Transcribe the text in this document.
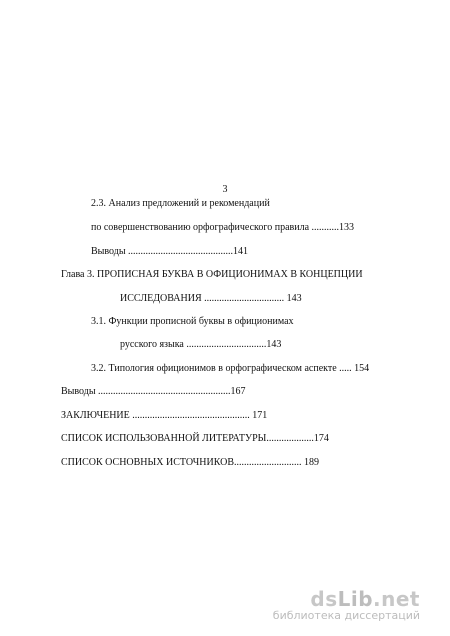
3
2.3. Анализ предложений и рекомендаций
по совершенствованию орфографического правила ...........133
Выводы ..........................................141
Глава 3. ПРОПИСНАЯ БУКВА В ОФИЦИОНИМАХ В КОНЦЕПЦИИ
ИССЛЕДОВАНИЯ ................................ 143
3.1. Функции прописной буквы в официонимах
русского языка ................................143
3.2. Типология официонимов в орфографическом аспекте ..... 154
Выводы .....................................................167
ЗАКЛЮЧЕНИЕ ............................................... 171
СПИСОК ИСПОЛЬЗОВАННОЙ ЛИТЕРАТУРЫ...................174
СПИСОК ОСНОВНЫХ ИСТОЧНИКОВ........................... 189
dsLib.net
библиотека диссертаций
